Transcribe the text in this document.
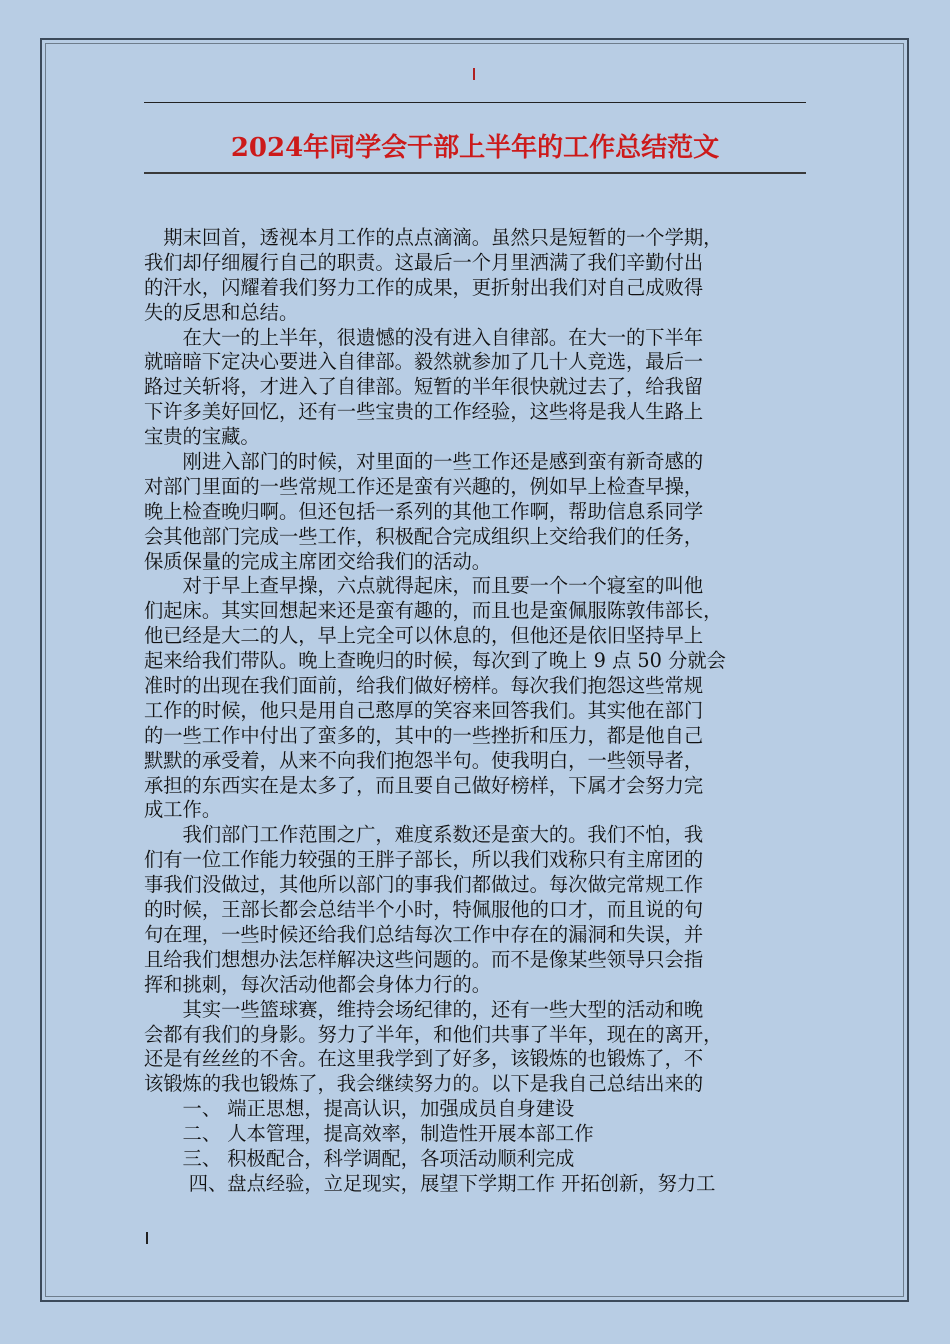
2024年同学会干部上半年的工作总结范文
　期末回首，透视本月工作的点点滴滴。虽然只是短暂的一个学期，
我们却仔细履行自己的职责。这最后一个月里洒满了我们辛勤付出
的汗水，闪耀着我们努力工作的成果，更折射出我们对自己成败得
失的反思和总结。
　　在大一的上半年，很遗憾的没有进入自律部。在大一的下半年
就暗暗下定决心要进入自律部。毅然就参加了几十人竞选，最后一
路过关斩将，才进入了自律部。短暂的半年很快就过去了，给我留
下许多美好回忆，还有一些宝贵的工作经验，这些将是我人生路上
宝贵的宝藏。
　　刚进入部门的时候，对里面的一些工作还是感到蛮有新奇感的
对部门里面的一些常规工作还是蛮有兴趣的，例如早上检查早操，
晚上检查晚归啊。但还包括一系列的其他工作啊，帮助信息系同学
会其他部门完成一些工作，积极配合完成组织上交给我们的任务，
保质保量的完成主席团交给我们的活动。
　　对于早上查早操，六点就得起床，而且要一个一个寝室的叫他
们起床。其实回想起来还是蛮有趣的，而且也是蛮佩服陈敦伟部长，
他已经是大二的人，早上完全可以休息的，但他还是依旧坚持早上
起来给我们带队。晚上查晚归的时候，每次到了晚上 9 点 50 分就会
准时的出现在我们面前，给我们做好榜样。每次我们抱怨这些常规
工作的时候，他只是用自己憨厚的笑容来回答我们。其实他在部门
的一些工作中付出了蛮多的，其中的一些挫折和压力，都是他自己
默默的承受着，从来不向我们抱怨半句。使我明白，一些领导者，
承担的东西实在是太多了，而且要自己做好榜样，下属才会努力完
成工作。
　　我们部门工作范围之广，难度系数还是蛮大的。我们不怕，我
们有一位工作能力较强的王胖子部长，所以我们戏称只有主席团的
事我们没做过，其他所以部门的事我们都做过。每次做完常规工作
的时候，王部长都会总结半个小时，特佩服他的口才，而且说的句
句在理，一些时候还给我们总结每次工作中存在的漏洞和失误，并
且给我们想想办法怎样解决这些问题的。而不是像某些领导只会指
挥和挑刺，每次活动他都会身体力行的。
　　其实一些篮球赛，维持会场纪律的，还有一些大型的活动和晚
会都有我们的身影。努力了半年，和他们共事了半年，现在的离开，
还是有丝丝的不舍。在这里我学到了好多，该锻炼的也锻炼了，不
该锻炼的我也锻炼了，我会继续努力的。以下是我自己总结出来的
　　一、 端正思想，提高认识，加强成员自身建设
　　二、 人本管理，提高效率，制造性开展本部工作
　　三、 积极配合，科学调配，各项活动顺利完成
　　 四、盘点经验，立足现实，展望下学期工作 开拓创新，努力工
